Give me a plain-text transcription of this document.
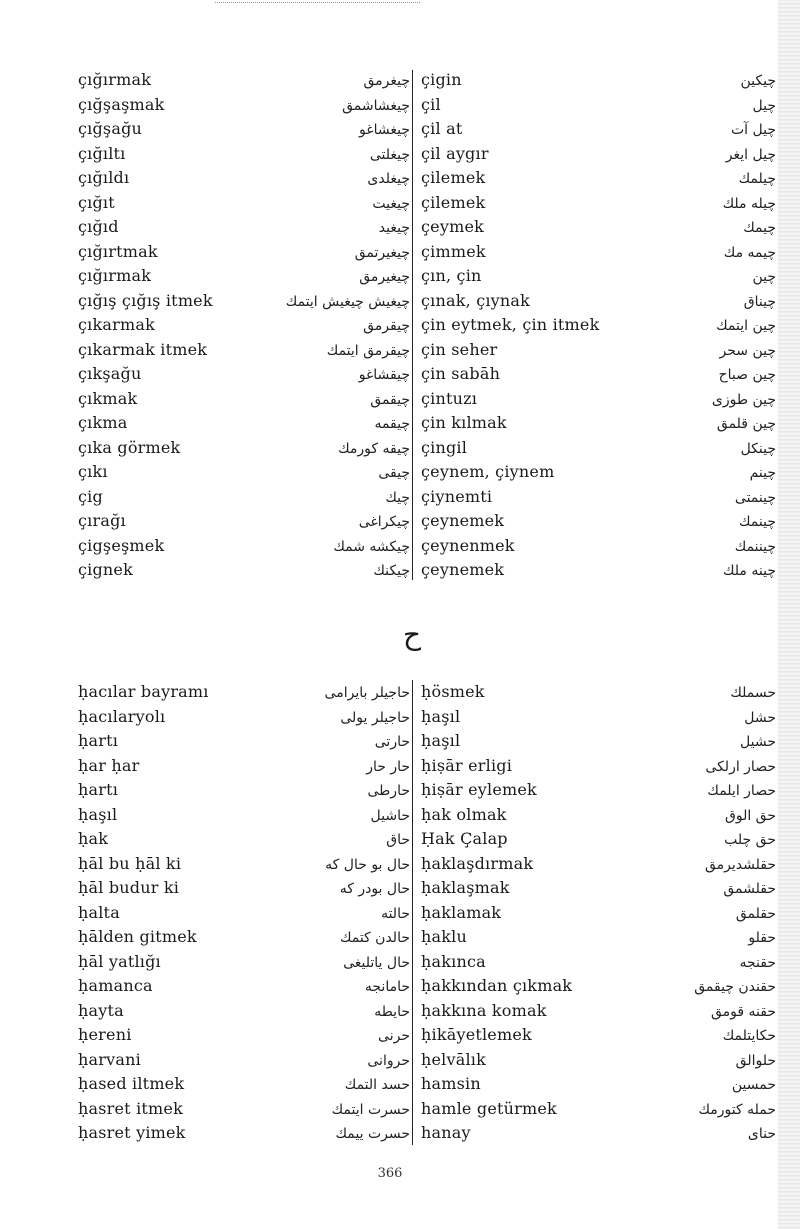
çığırmak	چیغرمق
çığşaşmak	چیغشاشمق
çığşağu	چیغشاغو
çığıltı	چیغلتی
çığıldı	چیغلدی
çığıt	چیغیت
çığıd	چیغید
çığırtmak	چیغیرتمق
çığırmak	چیغیرمق
çığış çığış itmek	چیغیش چیغیش ایتمك
çıkarmak	چیقرمق
çıkarmak itmek	چیقرمق ایتمك
çıkşağu	چیقشاغو
çıkmak	چیقمق
çıkma	چیقمه
çıka görmek	چیقه كورمك
çıkı	چیقی
çig	چیك
çırağı	چیكراغی
çigşeşmek	چیكشه شمك
çignek	چیكنك
çigin	چیكین
çil	چیل
çil at	چیل آت
çil aygır	چیل ایغر
çilemek	چیلمك
çilemek	چیله ملك
çeymek	چیمك
çimmek	چیمه مك
çın, çin	چین
çınak, çıynak	چیناق
çin eytmek, çin itmek	چین ایتمك
çin seher	چین سحر
çin sabāh	چین صباح
çintuzı	چین طوزی
çin kılmak	چین قلمق
çingil	چینكل
çeynem, çiynem	چینم
çiynemti	چینمتی
çeynemek	چینمك
çeynenmek	چیننمك
çeynemek	چینه ملك
ح
ḥacılar bayramı	حاجیلر بایرامی
ḥacılaryolı	حاجیلر یولی
ḥartı	حارتی
ḥar ḥar	حار حار
ḥartı	حارطی
ḥaşıl	حاشیل
ḥak	حاق
ḥāl bu ḥāl ki	حال بو حال كه
ḥāl budur ki	حال بودر كه
ḥalta	حالته
ḥālden gitmek	حالدن كتمك
ḥāl yatlığı	حال یاتلیغی
ḥamanca	حامانجه
ḥayta	حایطه
ḥereni	حرنی
ḥarvani	حروانی
ḥased iltmek	حسد التمك
ḥasret itmek	حسرت ایتمك
ḥasret yimek	حسرت ییمك
ḥösmek	حسملك
ḥaşıl	حشل
ḥaşıl	حشیل
ḥiṣār erligi	حصار ارلكی
ḥiṣār eylemek	حصار ایلمك
ḥak olmak	حق الوق
Ḥak Çalap	حق چلب
ḥaklaşdırmak	حقلشدیرمق
ḥaklaşmak	حقلشمق
ḥaklamak	حقلمق
ḥaklu	حقلو
ḥakınca	حقنجه
ḥakkından çıkmak	حقندن چیقمق
ḥakkına komak	حقنه قومق
ḥikāyetlemek	حكایتلمك
ḥelvālık	حلوالق
hamsin	حمسین
hamle getürmek	حمله كتورمك
hanay	حنای
366
